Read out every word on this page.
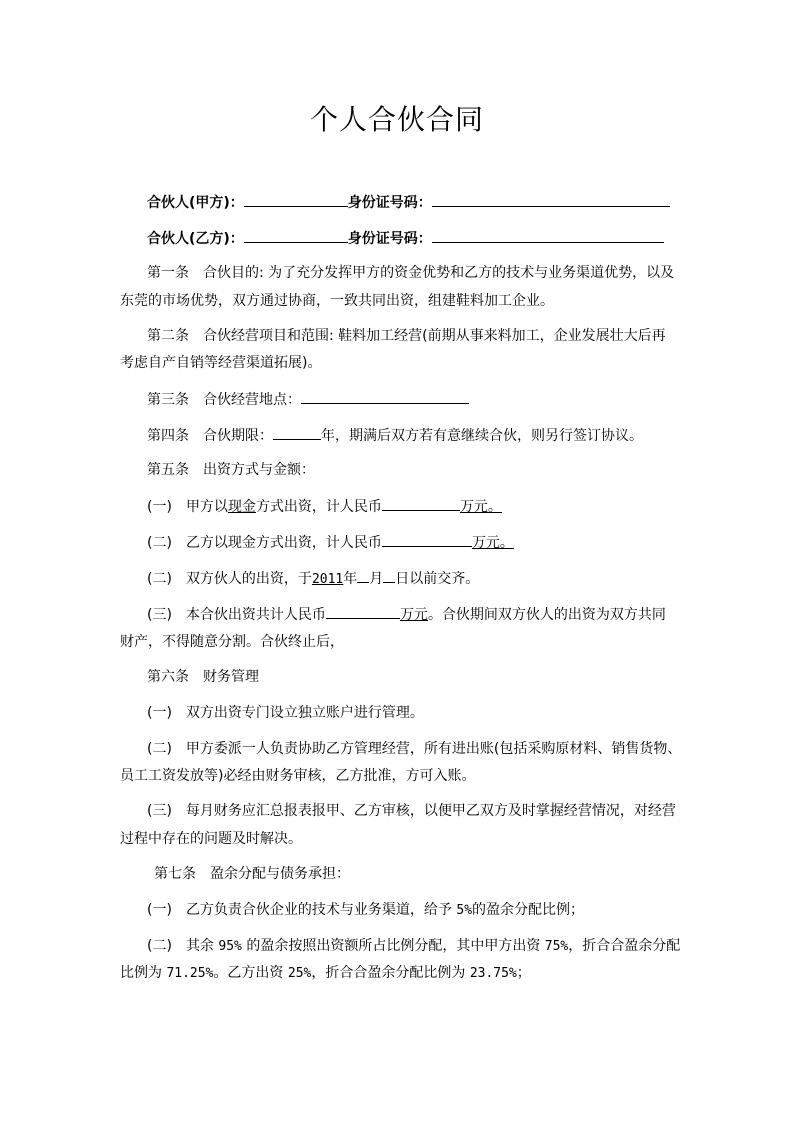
个人合伙合同
合伙人(甲方)：	身份证号码：
合伙人(乙方)：	身份证号码：
第一条　合伙目的: 为了充分发挥甲方的资金优势和乙方的技术与业务渠道优势，以及
东莞的市场优势，双方通过协商，一致共同出资，组建鞋料加工企业。
第二条　合伙经营项目和范围: 鞋料加工经营(前期从事来料加工，企业发展壮大后再
考虑自产自销等经营渠道拓展)。
第三条　合伙经营地点：
第四条　合伙期限：	年，期满后双方若有意继续合伙，则另行签订协议。
第五条　出资方式与金额：
(一) 甲方以现金方式出资，计人民币	万元。
(二) 乙方以现金方式出资，计人民币	万元。
(二) 双方伙人的出资，于2011年 月 日以前交齐。
(三) 本合伙出资共计人民币	万元。合伙期间双方伙人的出资为双方共同
财产，不得随意分割。合伙终止后，
第六条　财务管理
(一)　双方出资专门设立独立账户进行管理。
(二)　甲方委派一人负责协助乙方管理经营，所有进出账(包括采购原材料、销售货物、
员工工资发放等)必经由财务审核，乙方批准，方可入账。
(三)　每月财务应汇总报表报甲、乙方审核，以便甲乙双方及时掌握经营情况，对经营
过程中存在的问题及时解决。
第七条　盈余分配与债务承担：
(一)　乙方负责合伙企业的技术与业务渠道，给予 5%的盈余分配比例；
(二)　其余 95% 的盈余按照出资额所占比例分配，其中甲方出资 75%，折合合盈余分配
比例为 71.25%。乙方出资 25%，折合合盈余分配比例为 23.75%；
